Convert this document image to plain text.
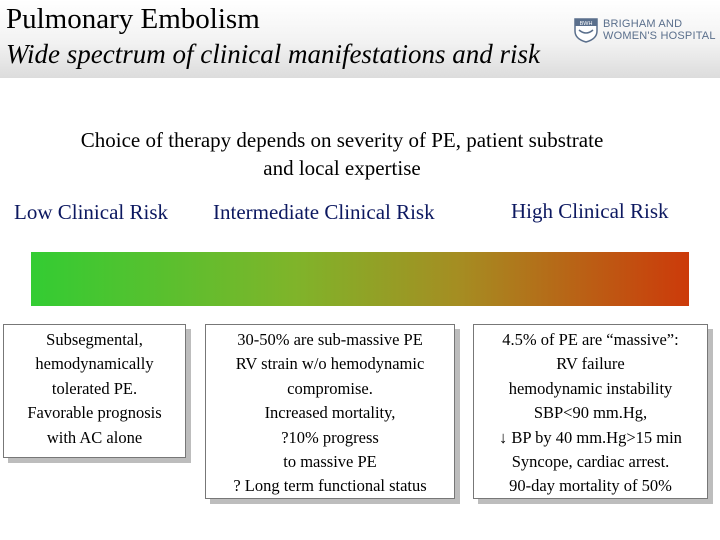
Pulmonary Embolism
Wide spectrum of clinical manifestations and risk
BWH BRIGHAM AND
WOMEN'S HOSPITAL
Choice of therapy depends on severity of PE, patient substrate
and local expertise
Low Clinical Risk Intermediate Clinical Risk	High Clinical Risk
Subsegmental,
hemodynamically
tolerated PE.
Favorable prognosis
with AC alone
30-50% are sub-massive PE
RV strain w/o hemodynamic
compromise.
Increased mortality,
?10% progress
to massive PE
? Long term functional status
4.5% of PE are “massive”:
RV failure
hemodynamic instability
SBP<90 mm.Hg,
↓ BP by 40 mm.Hg>15 min
Syncope, cardiac arrest.
90-day mortality of 50%
